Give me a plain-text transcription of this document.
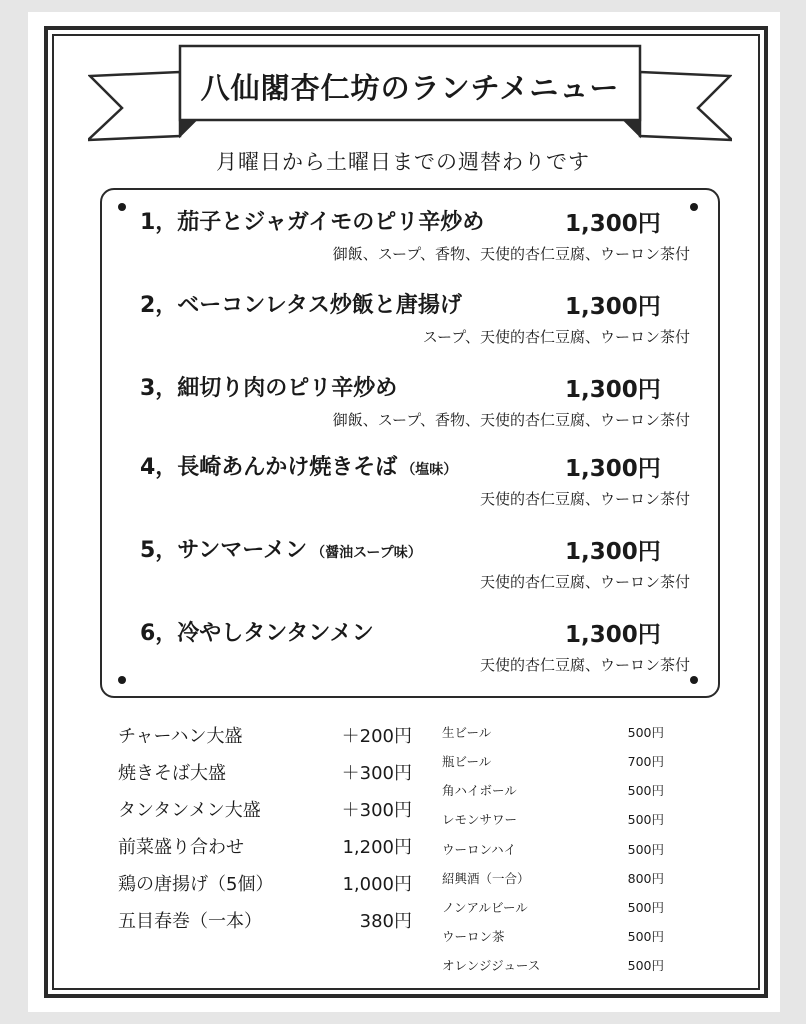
八仙閣杏仁坊のランチメニュー
月曜日から土曜日までの週替わりです
1，茄子とジャガイモのピリ辛炒め	1,300円
御飯、スープ、香物、天使的杏仁豆腐、ウーロン茶付
2，ベーコンレタス炒飯と唐揚げ	1,300円
スープ、天使的杏仁豆腐、ウーロン茶付
3，細切り肉のピリ辛炒め	1,300円
御飯、スープ、香物、天使的杏仁豆腐、ウーロン茶付
4，長崎あんかけ焼きそば （塩味）	1,300円
天使的杏仁豆腐、ウーロン茶付
5，サンマーメン （醤油スープ味）	1,300円
天使的杏仁豆腐、ウーロン茶付
6，冷やしタンタンメン	1,300円
天使的杏仁豆腐、ウーロン茶付
チャーハン大盛	＋200円
焼きそば大盛	＋300円
タンタンメン大盛	＋300円
前菜盛り合わせ	1,200円
鶏の唐揚げ（5個）	1,000円
五目春巻（一本）	380円
生ビール	500円
瓶ビール	700円
角ハイボール	500円
レモンサワー	500円
ウーロンハイ	500円
紹興酒（一合）	800円
ノンアルビール	500円
ウーロン茶	500円
オレンジジュース	500円
